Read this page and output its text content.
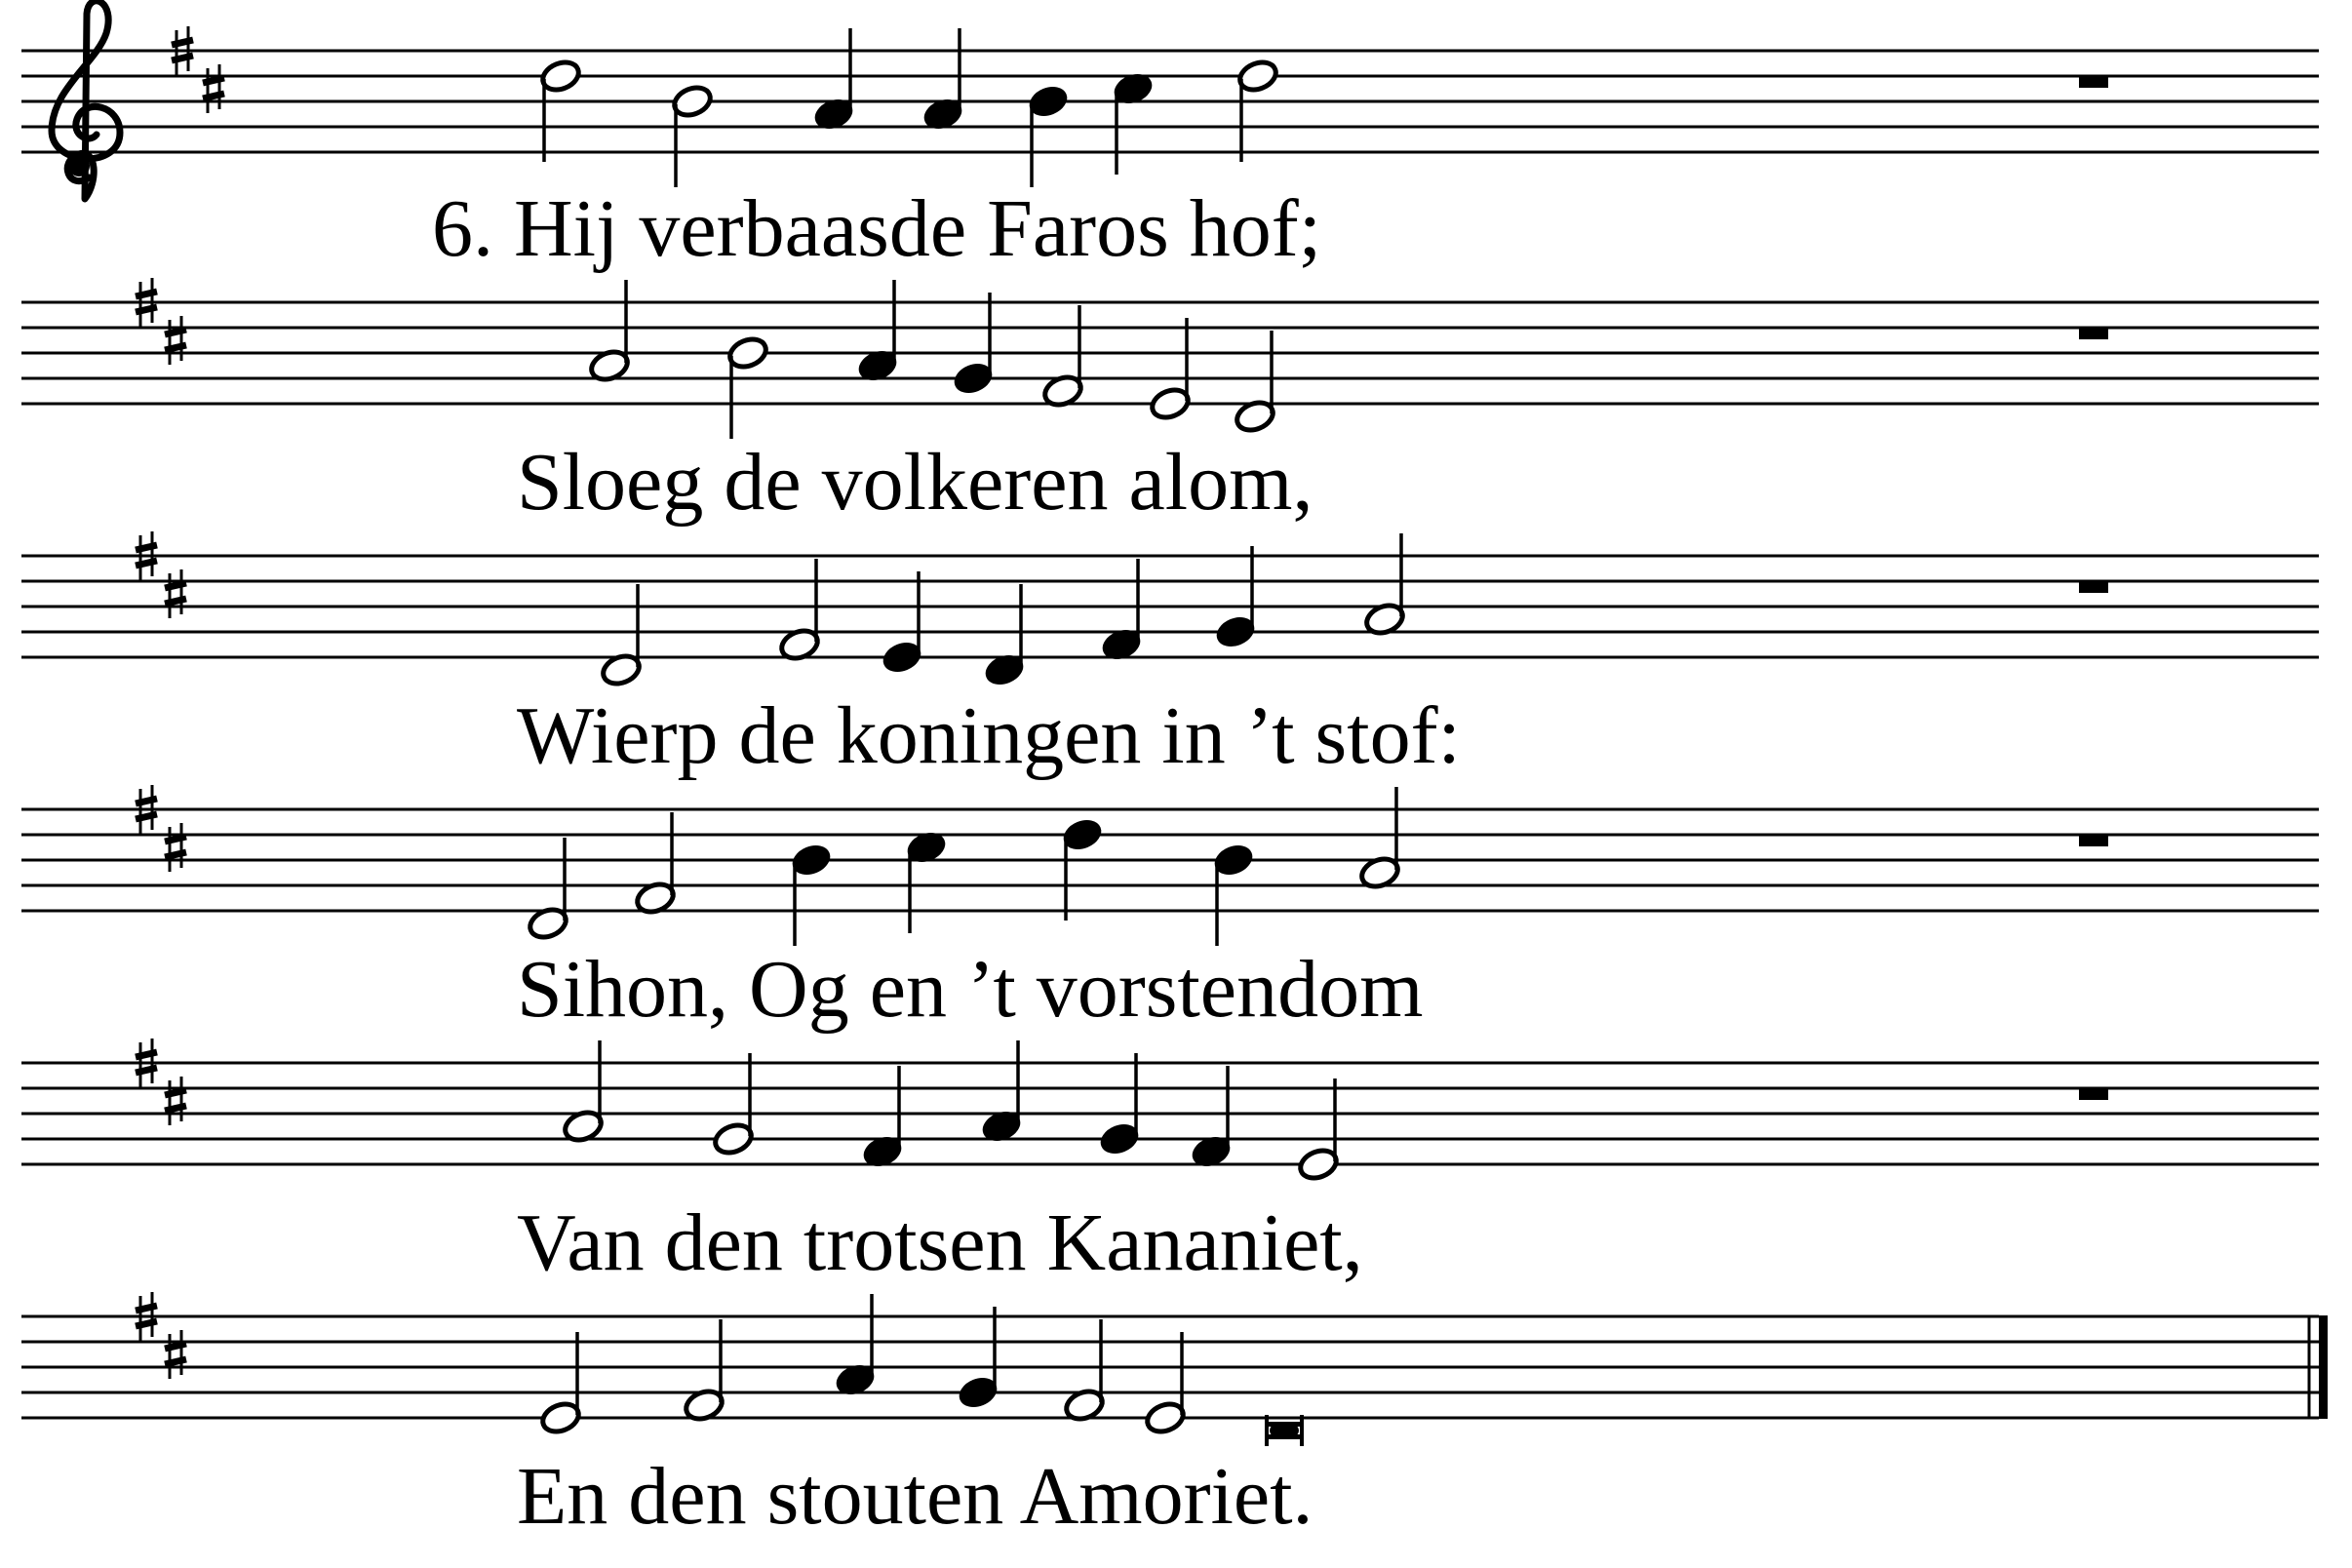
6. Hij verbaasde Faros hof;
Sloeg de volkeren alom,
Wierp de koningen in ’t stof:
Sihon, Og en ’t vorstendom
Van den trotsen Kananiet,
En den stouten Amoriet.
